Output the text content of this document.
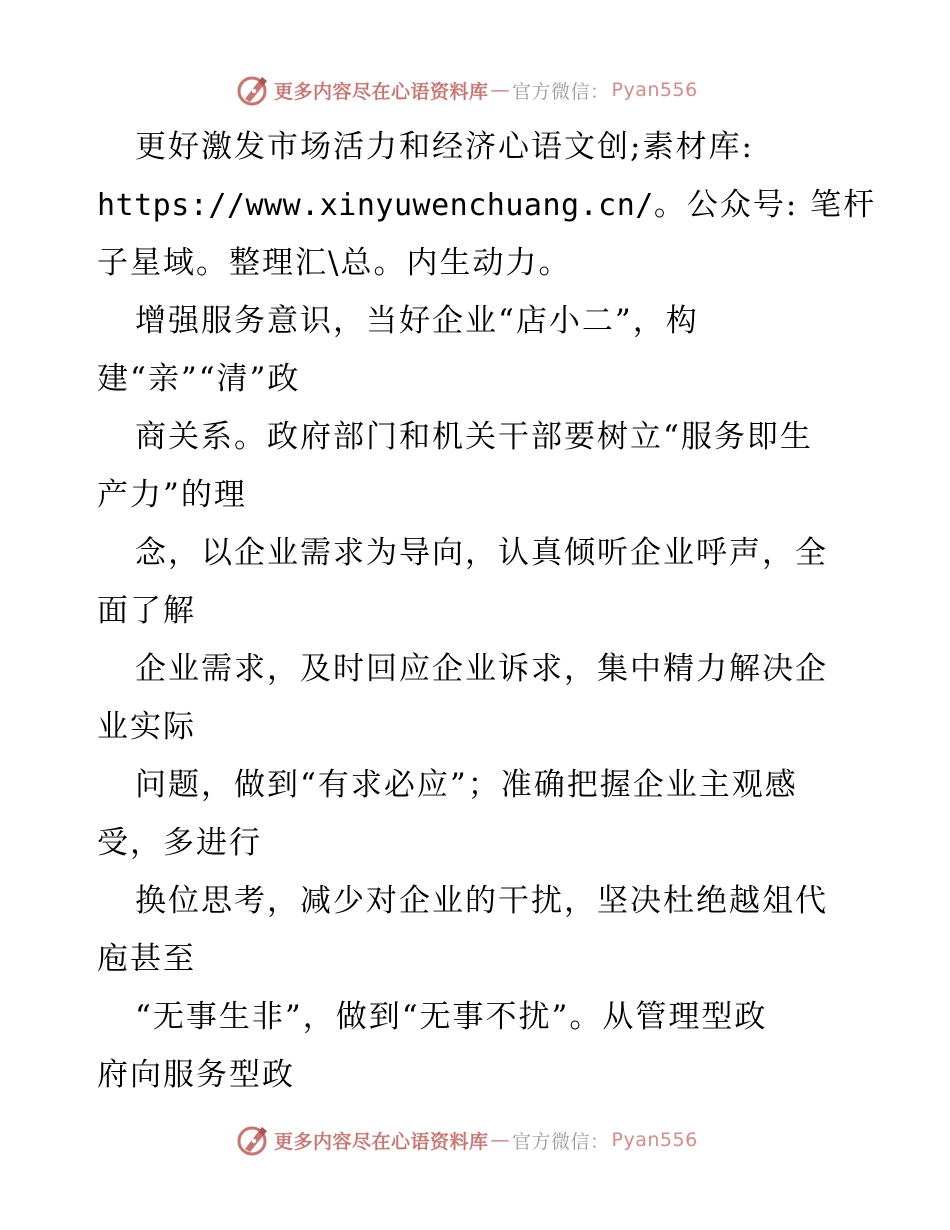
更多内容尽在心语资料库 — 官方微信： Pyan556
更好激发市场活力和经济心语文创;素材库:
https://www.xinyuwenchuang.cn/。公众号: 笔杆
子星域。整理汇\总。内生动力。
增强服务意识，当好企业“店小二”，构
建“亲”“清”政
商关系。政府部门和机关干部要树立“服务即生
产力”的理
念，以企业需求为导向，认真倾听企业呼声，全
面了解
企业需求，及时回应企业诉求，集中精力解决企
业实际
问题，做到“有求必应”；准确把握企业主观感
受，多进行
换位思考，减少对企业的干扰，坚决杜绝越俎代
庖甚至
“无事生非”，做到“无事不扰”。从管理型政
府向服务型政
更多内容尽在心语资料库 — 官方微信： Pyan556
